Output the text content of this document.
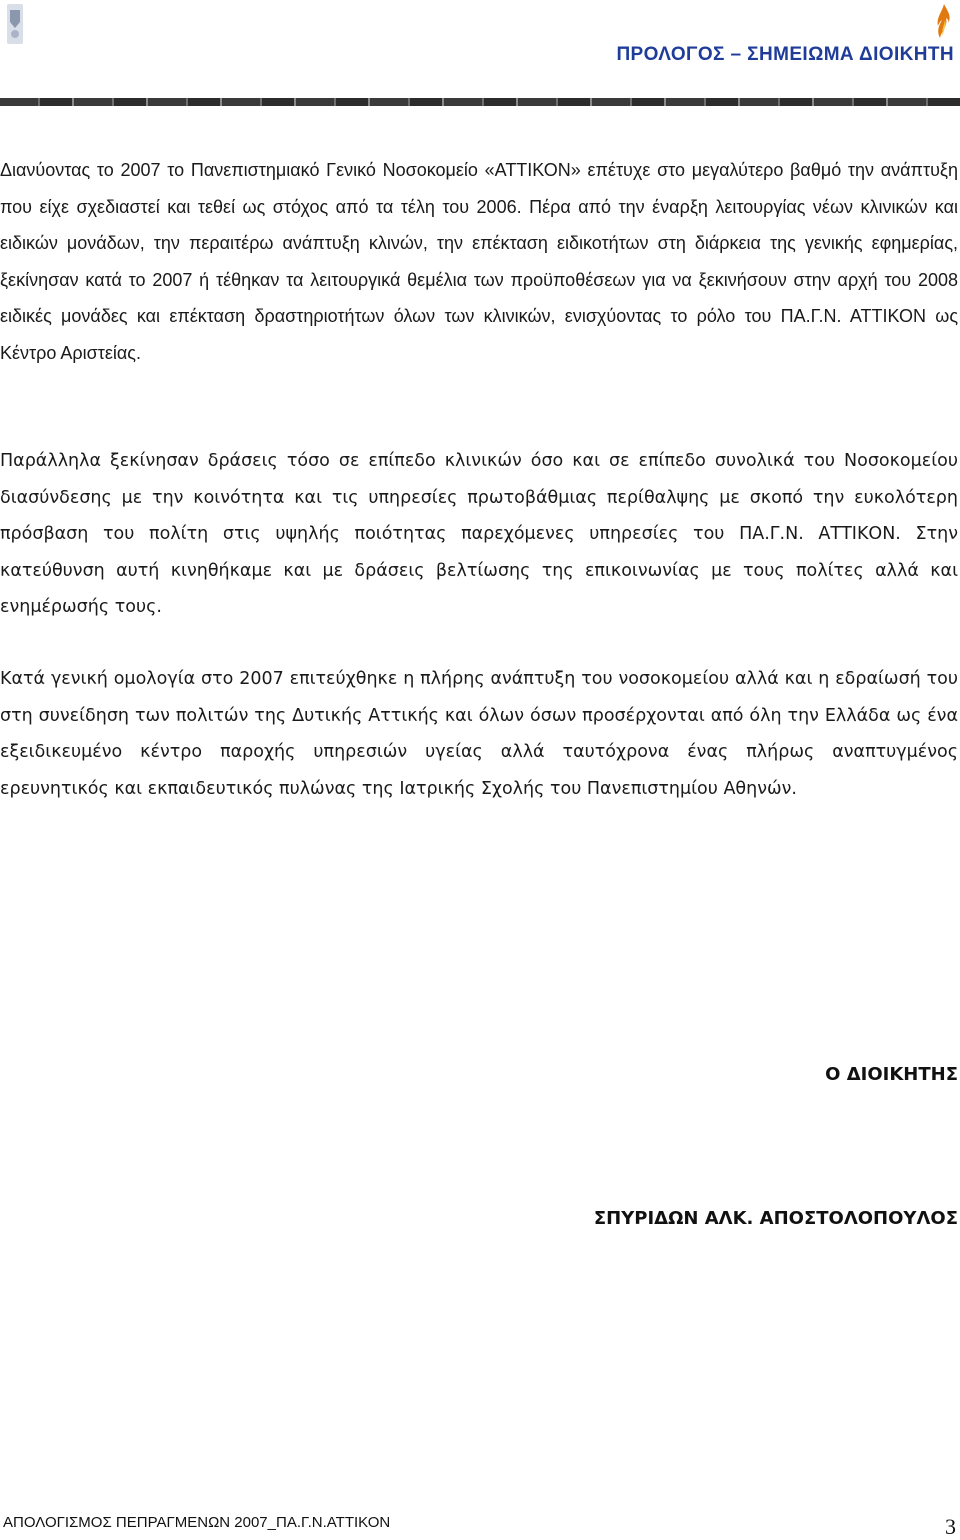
ΠΡΟΛΟΓΟΣ – ΣΗΜΕΙΩΜΑ ΔΙΟΙΚΗΤΗ

Διανύοντας το 2007 το Πανεπιστημιακό Γενικό Νοσοκομείο «ΑΤΤΙΚΟΝ» επέτυχε στο μεγαλύτερο βαθμό την ανάπτυξη που είχε σχεδιαστεί και τεθεί ως στόχος από τα τέλη του 2006. Πέρα από την έναρξη λειτουργίας νέων κλινικών και ειδικών μονάδων, την περαιτέρω ανάπτυξη κλινών, την επέκταση ειδικοτήτων στη διάρκεια της γενικής εφημερίας, ξεκίνησαν κατά το 2007 ή τέθηκαν τα λειτουργικά θεμέλια των προϋποθέσεων για να ξεκινήσουν στην αρχή του 2008 ειδικές μονάδες και επέκταση δραστηριοτήτων όλων των κλινικών, ενισχύοντας το ρόλο του ΠΑ.Γ.Ν. ΑΤΤΙΚΟΝ ως Κέντρο Αριστείας.

Παράλληλα ξεκίνησαν δράσεις τόσο σε επίπεδο κλινικών όσο και σε επίπεδο συνολικά του Νοσοκομείου διασύνδεσης με την κοινότητα και τις υπηρεσίες πρωτοβάθμιας περίθαλψης με σκοπό την ευκολότερη πρόσβαση του πολίτη στις υψηλής ποιότητας παρεχόμενες υπηρεσίες του ΠΑ.Γ.Ν. ΑΤΤΙΚΟΝ. Στην κατεύθυνση αυτή κινηθήκαμε και με δράσεις βελτίωσης της επικοινωνίας με τους πολίτες αλλά και ενημέρωσής τους.

Κατά γενική ομολογία στο 2007 επιτεύχθηκε η πλήρης ανάπτυξη του νοσοκομείου αλλά και η εδραίωσή του στη συνείδηση των πολιτών της Δυτικής Αττικής και όλων όσων προσέρχονται από όλη την Ελλάδα ως ένα εξειδικευμένο κέντρο παροχής υπηρεσιών υγείας αλλά ταυτόχρονα ένας πλήρως αναπτυγμένος ερευνητικός και εκπαιδευτικός πυλώνας της Ιατρικής Σχολής του Πανεπιστημίου Αθηνών.

Ο ΔΙΟΙΚΗΤΗΣ
ΣΠΥΡΙΔΩΝ ΑΛΚ. ΑΠΟΣΤΟΛΟΠΟΥΛΟΣ
ΑΠΟΛΟΓΙΣΜΟΣ ΠΕΠΡΑΓΜΕΝΩΝ 2007_ΠΑ.Γ.Ν.ΑΤΤΙΚΟΝ	3
